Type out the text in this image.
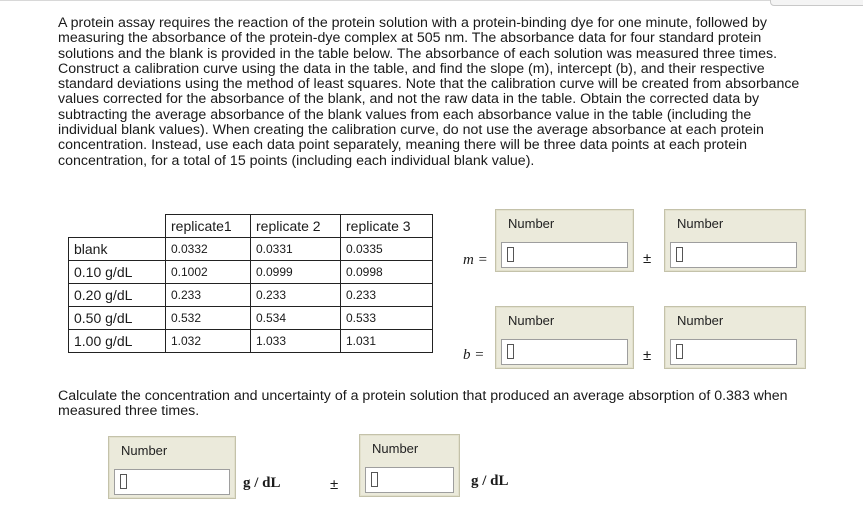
A protein assay requires the reaction of the protein solution with a protein-binding dye for one minute, followed by measuring the absorbance of the protein-dye complex at 505 nm. The absorbance data for four standard protein solutions and the blank is provided in the table below. The absorbance of each solution was measured three times. Construct a calibration curve using the data in the table, and find the slope (m), intercept (b), and their respective standard deviations using the method of least squares. Note that the calibration curve will be created from absorbance values corrected for the absorbance of the blank, and not the raw data in the table. Obtain the corrected data by subtracting the average absorbance of the blank values from each absorbance value in the table (including the individual blank values). When creating the calibration curve, do not use the average absorbance at each protein concentration. Instead, use each data point separately, meaning there will be three data points at each protein concentration, for a total of 15 points (including each individual blank value).
	replicate1	replicate 2	replicate 3
blank	0.0332	0.0331	0.0335
0.10 g/dL	0.1002	0.0999	0.0998
0.20 g/dL	0.233	0.233	0.233
0.50 g/dL	0.532	0.534	0.533
1.00 g/dL	1.032	1.033	1.031
m =
Number
±
Number
b =
Number
±
Number
Calculate the concentration and uncertainty of a protein solution that produced an average absorption of 0.383 when measured three times.
Number
g / dL	±
Number
g / dL
